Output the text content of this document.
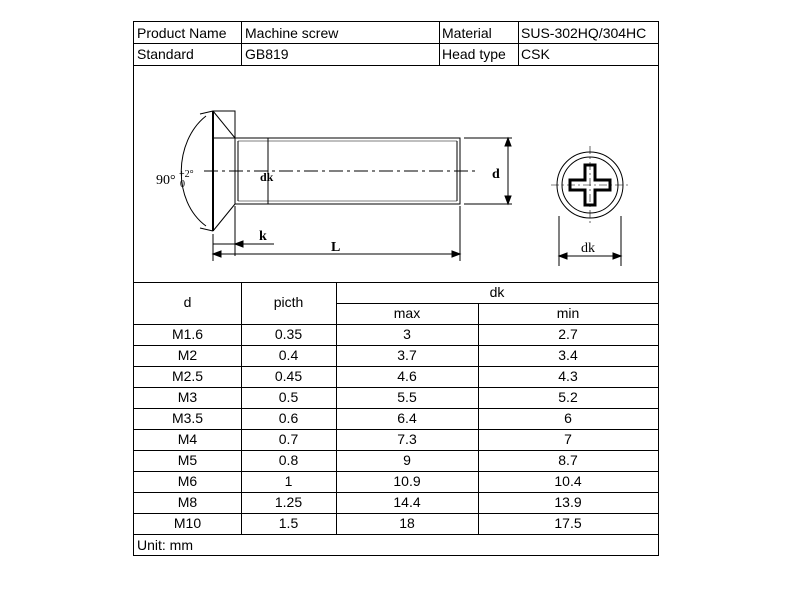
Product Name Machine screw	Material SUS-302HQ/304HC
Standard	GB819	Head type CSK
90° +2°
0
dk	d
k
L	dk
d	picth
dk
max	min
M1.6	0.35	3	2.7
M2	0.4	3.7	3.4
M2.5	0.45	4.6	4.3
M3	0.5	5.5	5.2
M3.5	0.6	6.4	6
M4	0.7	7.3	7
M5	0.8	9	8.7
M6	1	10.9	10.4
M8	1.25	14.4	13.9
M10	1.5	18	17.5
Unit: mm
